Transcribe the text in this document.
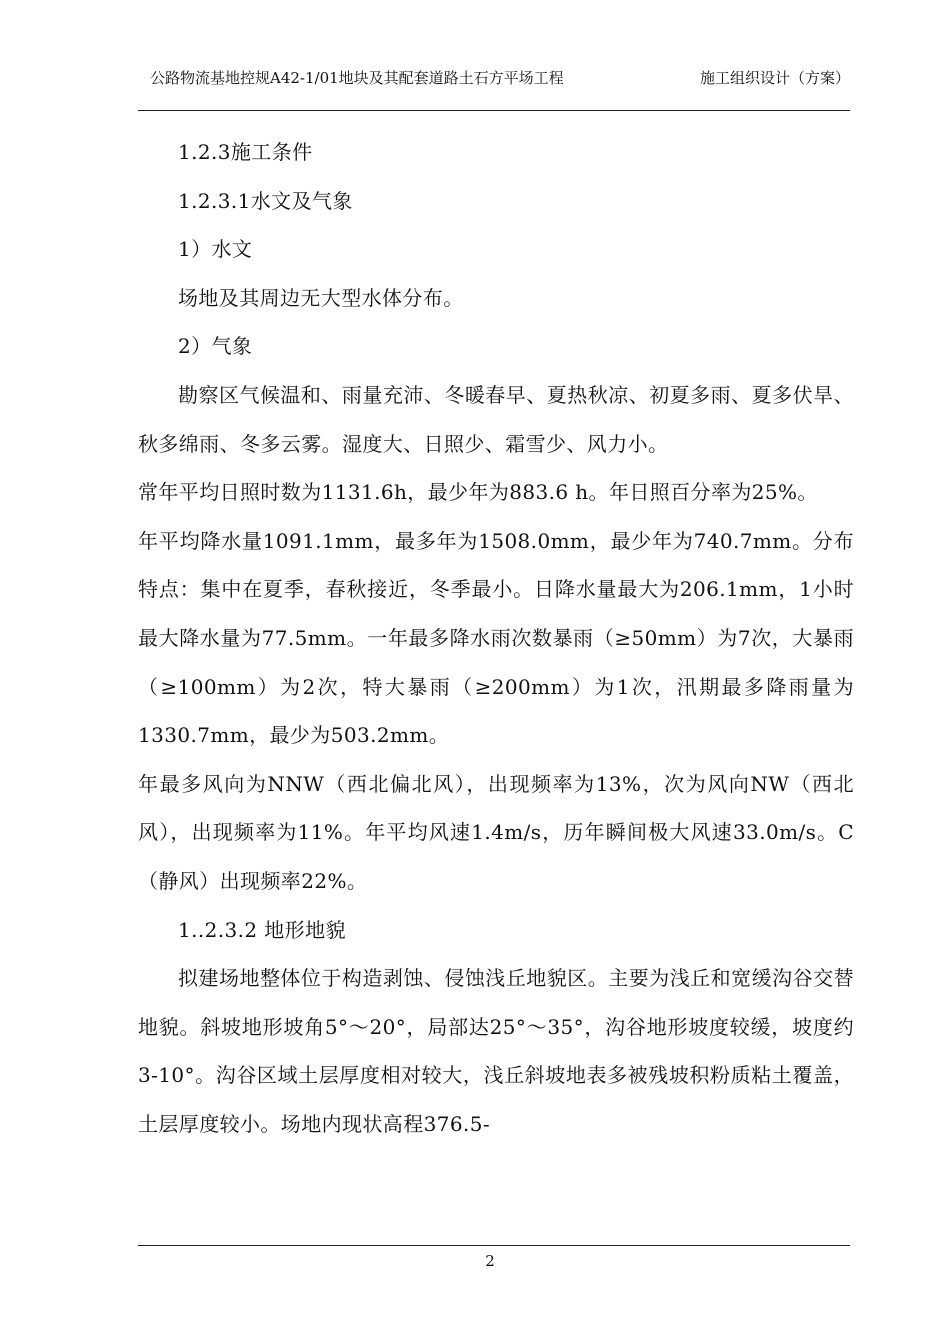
公路物流基地控规A42-1/01地块及其配套道路土石方平场工程	施工组织设计（方案）

1.2.3施工条件

1.2.3.1水文及气象

1）水文

场地及其周边无大型水体分布。

2）气象

勘察区气候温和、雨量充沛、冬暖春早、夏热秋凉、初夏多雨、夏多伏旱、秋多绵雨、冬多云雾。湿度大、日照少、霜雪少、风力小。

常年平均日照时数为1131.6h，最少年为883.6 h。年日照百分率为25%。

年平均降水量1091.1mm，最多年为1508.0mm，最少年为740.7mm。分布特点：集中在夏季，春秋接近，冬季最小。日降水量最大为206.1mm，1小时最大降水量为77.5mm。一年最多降水雨次数暴雨（≥50mm）为7次，大暴雨（≥100mm）为2次，特大暴雨（≥200mm）为1次，汛期最多降雨量为1330.7mm，最少为503.2mm。

年最多风向为NNW（西北偏北风），出现频率为13%，次为风向NW（西北风），出现频率为11%。年平均风速1.4m/s，历年瞬间极大风速33.0m/s。C（静风）出现频率22%。

1..2.3.2 地形地貌

拟建场地整体位于构造剥蚀、侵蚀浅丘地貌区。主要为浅丘和宽缓沟谷交替地貌。斜坡地形坡角5°～20°，局部达25°～35°，沟谷地形坡度较缓，坡度约3-10°。沟谷区域土层厚度相对较大，浅丘斜坡地表多被残坡积粉质粘土覆盖，土层厚度较小。场地内现状高程376.5-

2
